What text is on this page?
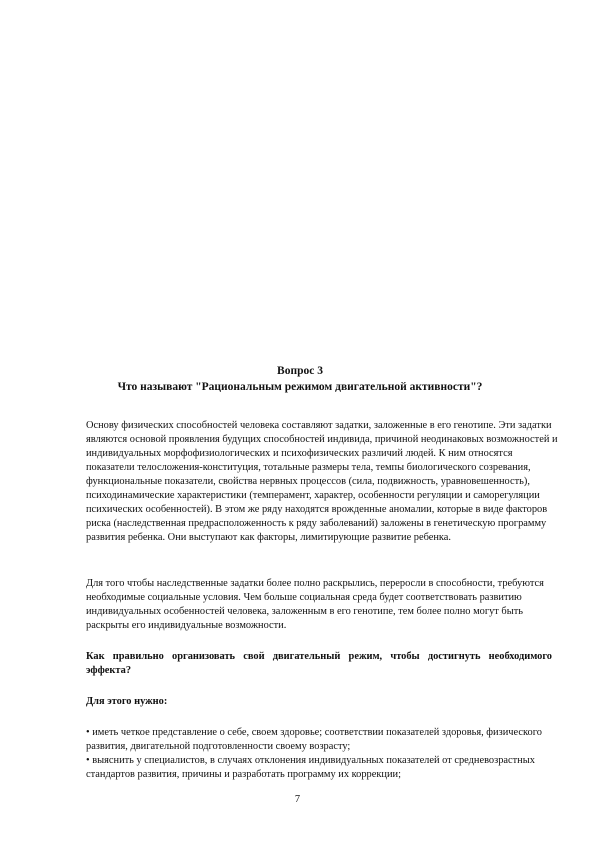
Вопрос 3
Что называют "Рациональным режимом двигательной активности"?

Основу физических способностей человека составляют задатки, заложенные в его генотипе. Эти задатки являются основой проявления будущих способностей индивида, причиной неодинаковых возможностей и индивидуальных морфофизиологических и психофизических различий людей. К ним относятся показатели телосложения-конституция, тотальные размеры тела, темпы биологического созревания, функциональные показатели, свойства нервных процессов (сила, подвижность, уравновешенность), психодинамические характеристики (темперамент, характер, особенности регуляции и саморегуляции психических особенностей). В этом же ряду находятся врожденные аномалии, которые в виде факторов риска (наследственная предрасположенность к ряду заболеваний) заложены в генетическую программу развития ребенка. Они выступают как факторы, лимитирующие развитие ребенка.

Для того чтобы наследственные задатки более полно раскрылись, переросли в способности, требуются необходимые социальные условия. Чем больше социальная среда будет соответствовать развитию индивидуальных особенностей человека, заложенным в его генотипе, тем более полно могут быть раскрыты его индивидуальные возможности.

Как правильно организовать свой двигательный режим, чтобы достигнуть необходимого эффекта?

Для этого нужно:

• иметь четкое представление о себе, своем здоровье; соответствии показателей здоровья, физического развития, двигательной подготовленности своему возрасту;
• выяснить у специалистов, в случаях отклонения индивидуальных показателей от средневозрастных стандартов развития, причины и разработать программу их коррекции;
7
